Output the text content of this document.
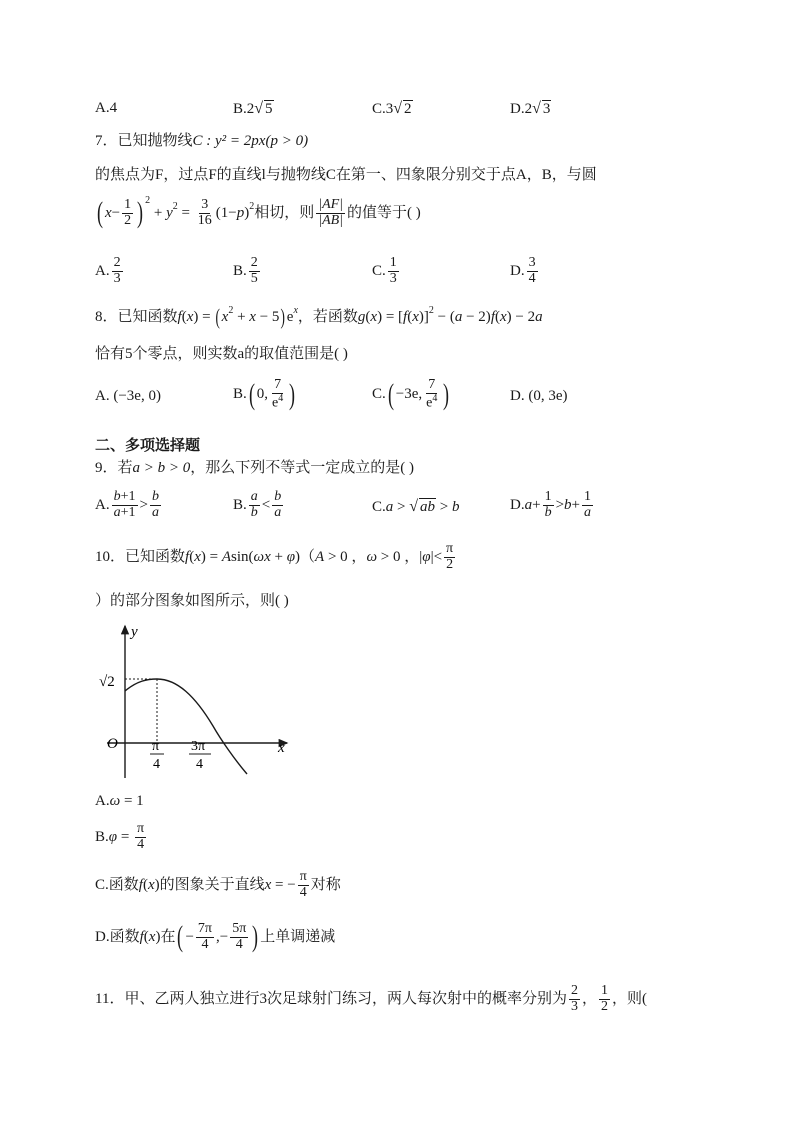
A.4	B. 2 √ 5	C. 3 √ 2	D. 2 √ 3
7．已知抛物线 C : y² = 2px(p > 0)
的焦点为F，过点F的直线l与抛物线C在第一、四象限分别交于点A，B，与圆
( $x - \frac{1}{2} )^2$
+ $y^2 = \frac{3}{16} (1- p$ )$^2$ 相切，则 $\frac{|AF|}{|AB|}$ 的值等于( )
A. $\frac{2}{3}$	B. $\frac{2}{5}$	C. $\frac{1}{3}$	D. $\frac{3}{4}$
8．已知函数 f ( x ) = ( $x^2 + x - 5$ ) $e^x$ ，若函数 g ( x ) = [ f ( x )]$^2$ − ( a − 2) f ( x ) − 2 a
恰有5个零点，则实数a的取值范围是( )
A. (−3e, 0)	B. ( 0, $\frac{7}{e^4}$ )	C. ( −3e, $\frac{7}{e^4}$ )	D. (0, 3e)
二、多项选择题
9．若 a > b > 0 ，那么下列不等式一定成立的是( )
A. $\frac{b+1}{a+1} > \frac{b}{a}$	B. $\frac{a}{b} < \frac{b}{a}$	C. a > √ ab > b	D. $a + \frac{1}{b} > b + \frac{1}{a}$
10．已知函数 f ( x ) = A sin( ωx + φ ) （ A > 0 ， ω > 0 ，| φ |< $\frac{\pi}{2}$
）的部分图象如图所示，则( )
y
x
O
√2
π
4
3π
4
A. ω = 1
B. $\varphi = \frac{\pi}{4}$
C.函数 f ( x ) 的图象关于直线 x = − $\frac{\pi}{4}$ 对称
D.函数 f ( x ) 在 ( − $\frac{7\pi}{4}$ ,− $\frac{5\pi}{4}$ ) 上单调递减
11．甲、乙两人独立进行3次足球射门练习，两人每次射中的概率分别为 $\frac{2}{3}$ ， $\frac{1}{2}$ ，则(
